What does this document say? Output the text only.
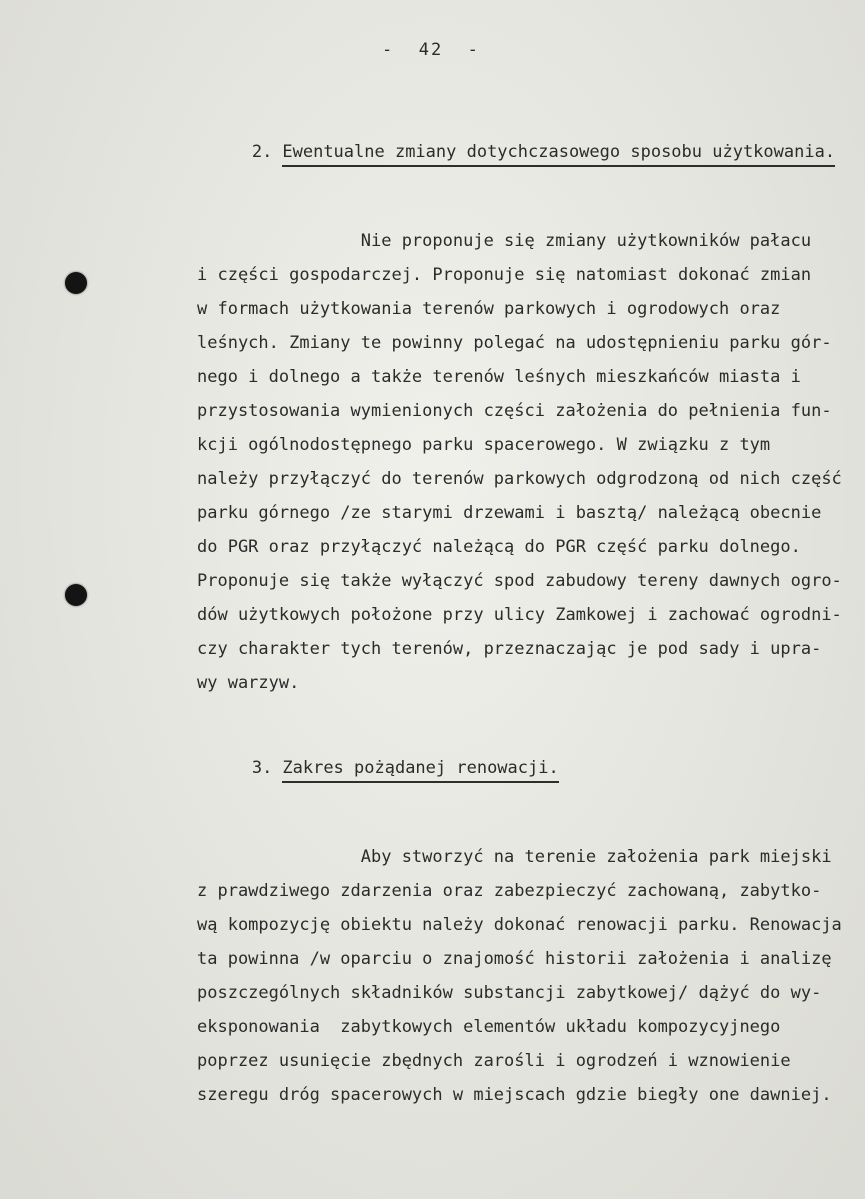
-  42  -

2. Ewentualne zmiany dotychczasowego sposobu użytkowania.

Nie proponuje się zmiany użytkowników pałacu
i części gospodarczej. Proponuje się natomiast dokonać zmian
w formach użytkowania terenów parkowych i ogrodowych oraz
leśnych. Zmiany te powinny polegać na udostępnieniu parku gór-
nego i dolnego a także terenów leśnych mieszkańców miasta i
przystosowania wymienionych części założenia do pełnienia fun-
kcji ogólnodostępnego parku spacerowego. W związku z tym
należy przyłączyć do terenów parkowych odgrodzoną od nich część
parku górnego /ze starymi drzewami i basztą/ należącą obecnie
do PGR oraz przyłączyć należącą do PGR część parku dolnego.
Proponuje się także wyłączyć spod zabudowy tereny dawnych ogro-
dów użytkowych położone przy ulicy Zamkowej i zachować ogrodni-
czy charakter tych terenów, przeznaczając je pod sady i upra-
wy warzyw.

3. Zakres pożądanej renowacji.

Aby stworzyć na terenie założenia park miejski
z prawdziwego zdarzenia oraz zabezpieczyć zachowaną, zabytko-
wą kompozycję obiektu należy dokonać renowacji parku. Renowacja
ta powinna /w oparciu o znajomość historii założenia i analizę
poszczególnych składników substancji zabytkowej/ dążyć do wy-
eksponowania  zabytkowych elementów układu kompozycyjnego
poprzez usunięcie zbędnych zarośli i ogrodzeń i wznowienie
szeregu dróg spacerowych w miejscach gdzie biegły one dawniej.
